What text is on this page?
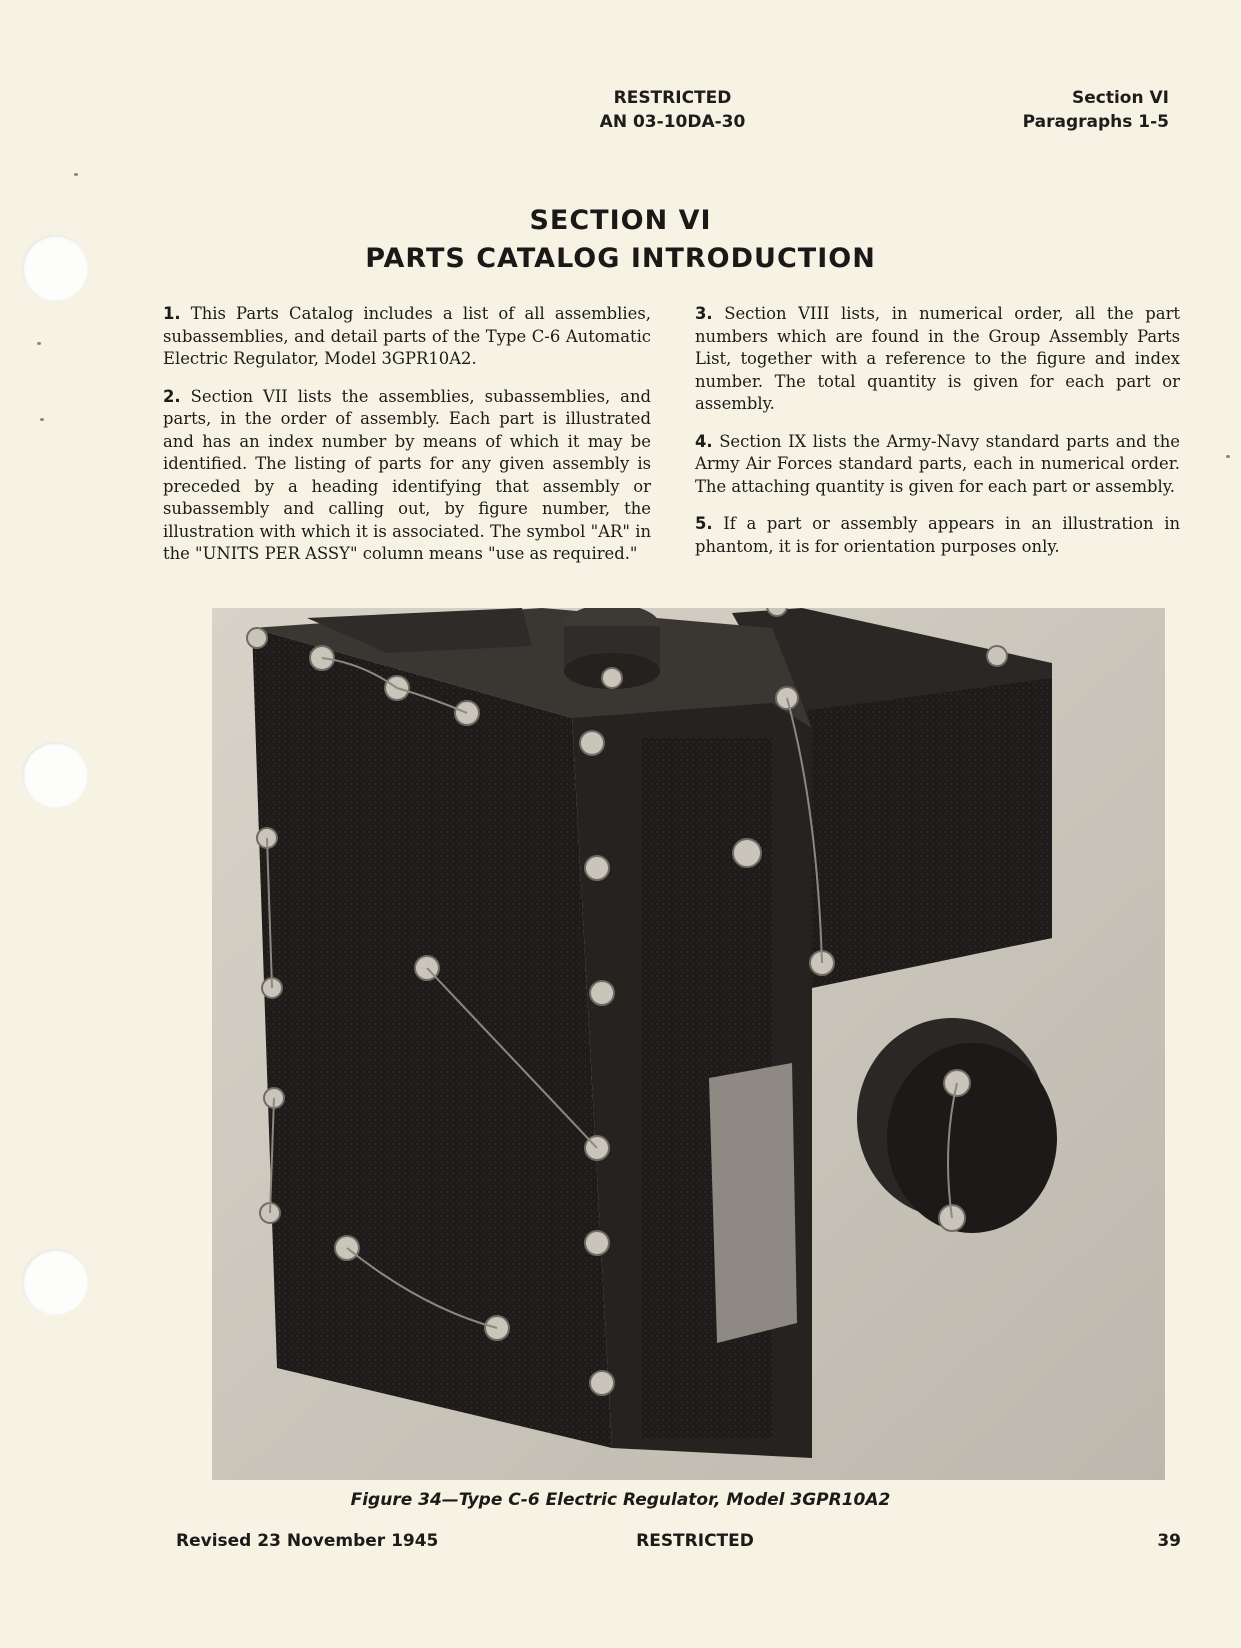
RESTRICTED
AN 03-10DA-30
Section VI
Paragraphs 1-5
SECTION VI
PARTS CATALOG INTRODUCTION

1. This Parts Catalog includes a list of all assemblies, subassemblies, and detail parts of the Type C-6 Automatic Electric Regulator, Model 3GPR10A2.

2. Section VII lists the assemblies, subassemblies, and parts, in the order of assembly. Each part is illustrated and has an index number by means of which it may be identified. The listing of parts for any given assembly is preceded by a heading identifying that assembly or subassembly and calling out, by figure number, the illustration with which it is associated. The symbol "AR" in the "UNITS PER ASSY" column means "use as required."

3. Section VIII lists, in numerical order, all the part numbers which are found in the Group Assembly Parts List, together with a reference to the figure and index number. The total quantity is given for each part or assembly.

4. Section IX lists the Army-Navy standard parts and the Army Air Forces standard parts, each in numerical order. The attaching quantity is given for each part or assembly.

5. If a part or assembly appears in an illustration in phantom, it is for orientation purposes only.

Figure 34—Type C-6 Electric Regulator, Model 3GPR10A2
Revised 23 November 1945	RESTRICTED	39
